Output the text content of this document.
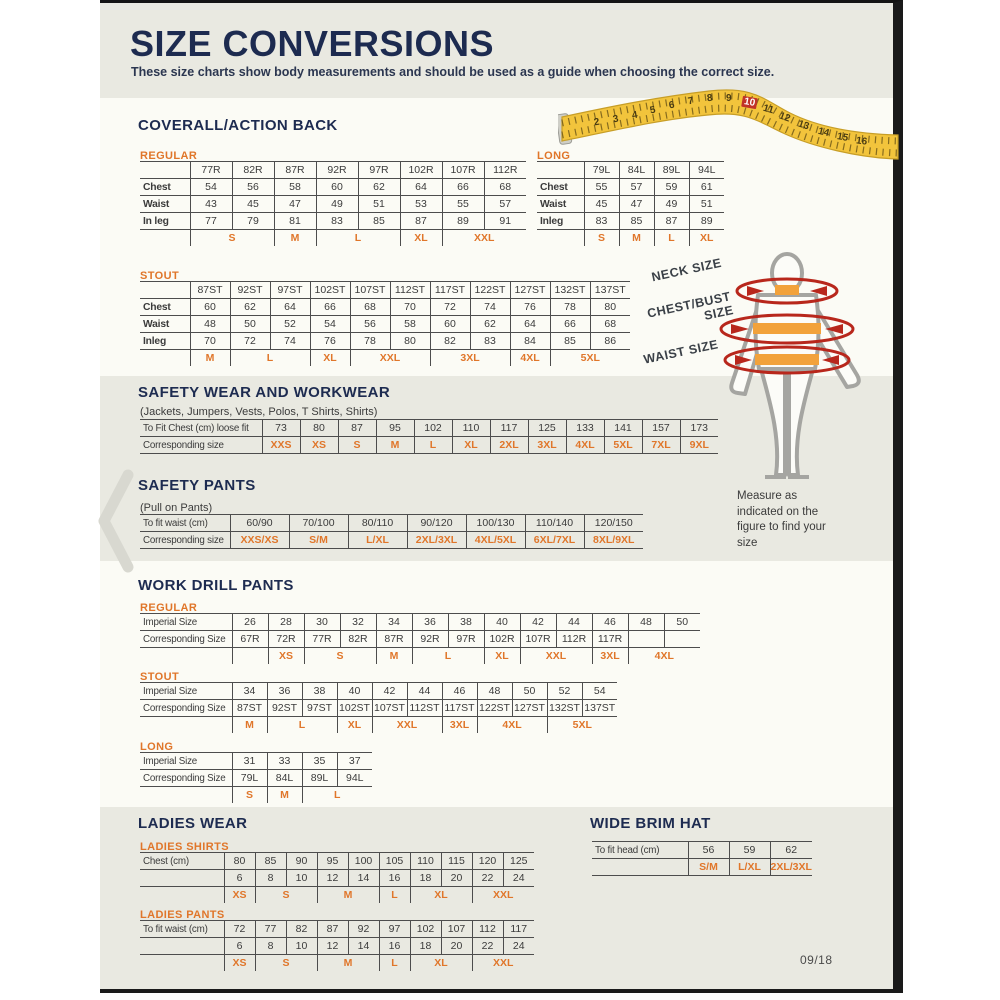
SIZE CONVERSIONS
These size charts show body measurements and should be used as a guide when choosing the correct size.
2 3 4 5 6 7 8 9 10
11
12
13
14 15 16
COVERALL/ACTION BACK
REGULAR
	77R	82R	87R	92R	97R	102R	107R	112R
Chest	54	56	58	60	62	64	66	68
Waist	43	45	47	49	51	53	55	57
In leg	77	79	81	83	85	87	89	91
	S		M	L		XL	XXL	
LONG
	79L	84L	89L	94L
Chest	55	57	59	61
Waist	45	47	49	51
Inleg	83	85	87	89
	S	M	L	XL
STOUT
	87ST	92ST	97ST	102ST	107ST	112ST	117ST	122ST	127ST	132ST	137ST
Chest	60	62	64	66	68	70	72	74	76	78	80
Waist	48	50	52	54	56	58	60	62	64	66	68
Inleg	70	72	74	76	78	80	82	83	84	85	86
	M	L		XL	XXL		3XL		4XL	5XL	
NECK SIZE
CHEST/BUST SIZE
WAIST SIZE
Measure as indicated on the figure to find your size
SAFETY WEAR AND WORKWEAR
(Jackets, Jumpers, Vests, Polos, T Shirts, Shirts)
To Fit Chest (cm) loose fit	73	80	87	95	102	110	117	125	133	141	157	173
Corresponding size	XXS	XS	S	M	L	XL	2XL	3XL	4XL	5XL	7XL	9XL
SAFETY PANTS
(Pull on Pants)
To fit waist (cm)	60/90	70/100	80/110	90/120	100/130	110/140	120/150
Corresponding size	XXS/XS	S/M	L/XL	2XL/3XL	4XL/5XL	6XL/7XL	8XL/9XL
WORK DRILL PANTS
REGULAR
Imperial Size	26	28	30	32	34	36	38	40	42	44	46	48	50
Corresponding Size	67R	72R	77R	82R	87R	92R	97R	102R	107R	112R	117R		
		XS	S		M	L		XL	XXL		3XL	4XL	
STOUT
Imperial Size	34	36	38	40	42	44	46	48	50	52	54
Corresponding Size	87ST	92ST	97ST	102ST	107ST	112ST	117ST	122ST	127ST	132ST	137ST
	M	L		XL	XXL		3XL	4XL		5XL	
LONG
Imperial Size	31	33	35	37
Corresponding Size	79L	84L	89L	94L
	S	M	L	
LADIES WEAR
LADIES SHIRTS
Chest (cm)	80	85	90	95	100	105	110	115	120	125
	6	8	10	12	14	16	18	20	22	24
	XS	S		M		L	XL		XXL	
LADIES PANTS
To fit waist (cm)	72	77	82	87	92	97	102	107	112	117
	6	8	10	12	14	16	18	20	22	24
	XS	S		M		L	XL		XXL	
WIDE BRIM HAT
To fit head (cm)	56	59	62
	S/M	L/XL	2XL/3XL
09/18
